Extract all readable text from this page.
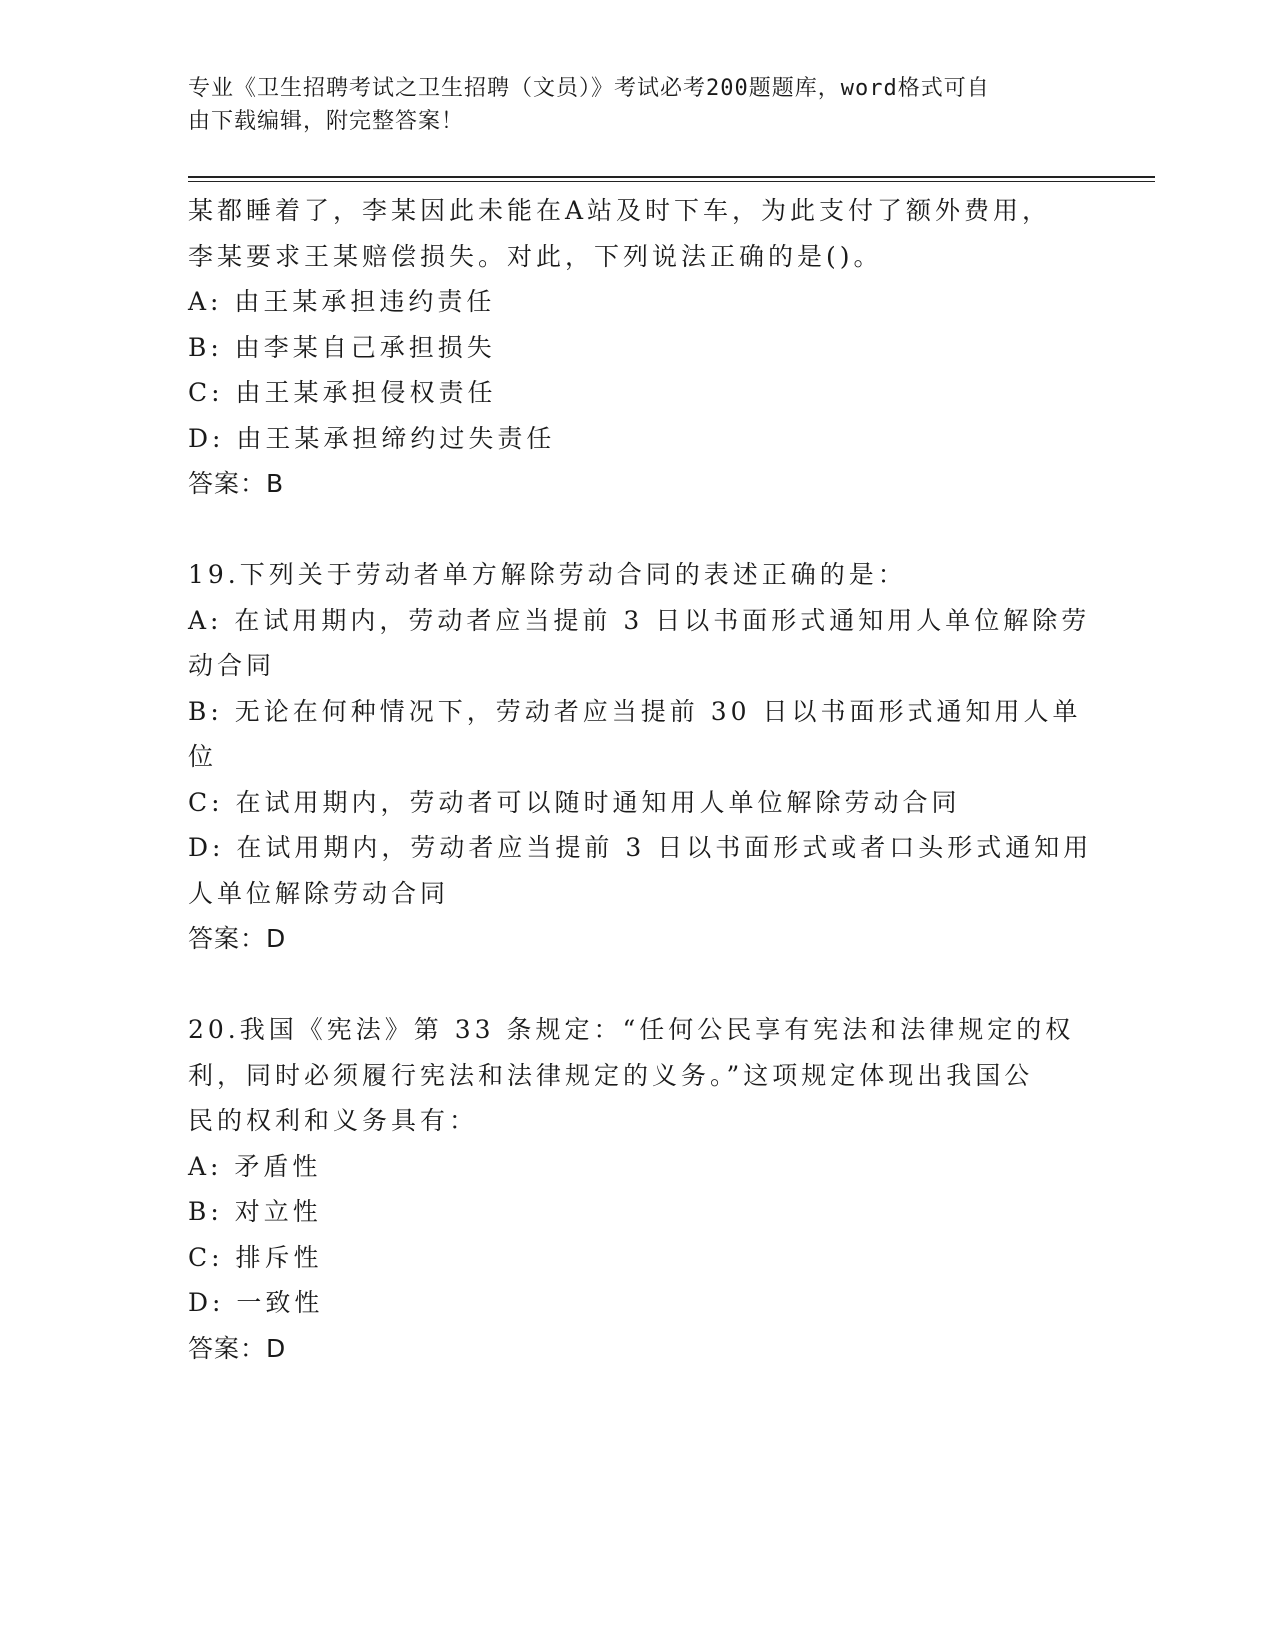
专业《卫生招聘考试之卫生招聘（文员）》考试必考200题题库，word格式可自
由下载编辑，附完整答案！
某都睡着了，李某因此未能在A站及时下车，为此支付了额外费用，
李某要求王某赔偿损失。对此，下列说法正确的是()。
A: 由王某承担违约责任
B: 由李某自己承担损失
C: 由王某承担侵权责任
D: 由王某承担缔约过失责任
答案：B
19.下列关于劳动者单方解除劳动合同的表述正确的是：
A: 在试用期内，劳动者应当提前 3 日以书面形式通知用人单位解除劳
动合同
B: 无论在何种情况下，劳动者应当提前 30 日以书面形式通知用人单
位
C: 在试用期内，劳动者可以随时通知用人单位解除劳动合同
D: 在试用期内，劳动者应当提前 3 日以书面形式或者口头形式通知用
人单位解除劳动合同
答案：D
20.我国《宪法》第 33 条规定：“任何公民享有宪法和法律规定的权
利，同时必须履行宪法和法律规定的义务。”这项规定体现出我国公
民的权利和义务具有：
A: 矛盾性
B: 对立性
C: 排斥性
D: 一致性
答案：D
